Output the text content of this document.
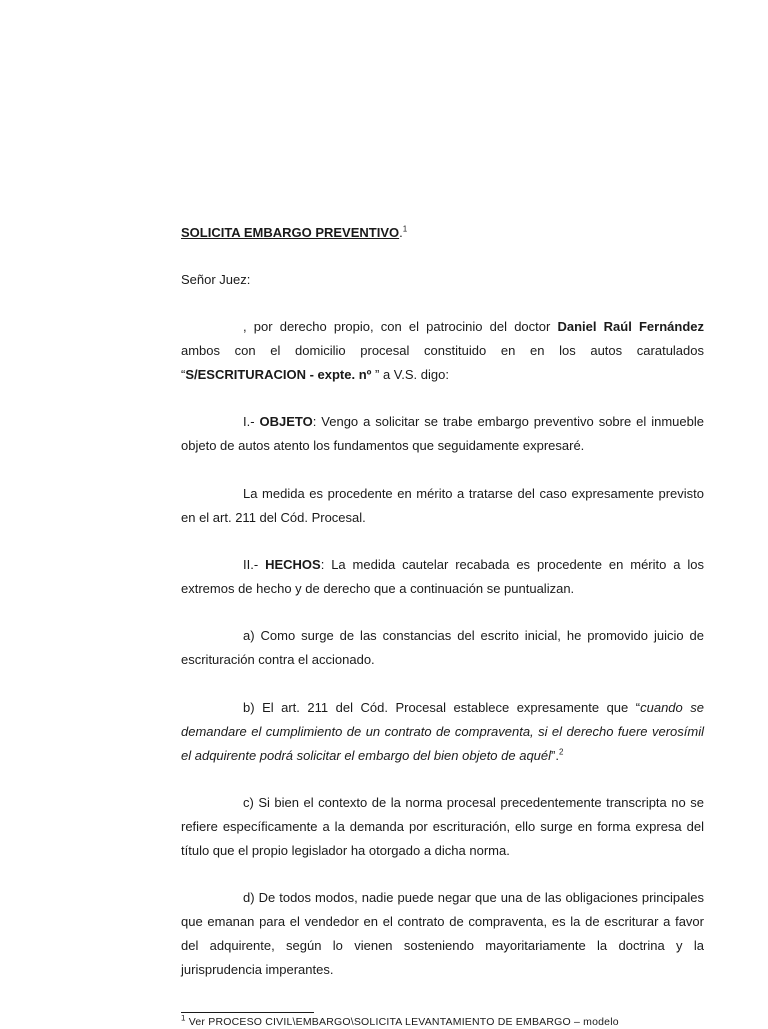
SOLICITA EMBARGO PREVENTIVO.$^1$

Señor Juez:

, por derecho propio, con el patrocinio del doctor Daniel Raúl Fernández ambos con el domicilio procesal constituido en en los autos caratulados “S/ESCRITURACION - expte. nº ” a V.S. digo:

I.- OBJETO: Vengo a solicitar se trabe embargo preventivo sobre el inmueble objeto de autos atento los fundamentos que seguidamente expresaré.

La medida es procedente en mérito a tratarse del caso expresamente previsto en el art. 211 del Cód. Procesal.

II.- HECHOS: La medida cautelar recabada es procedente en mérito a los extremos de hecho y de derecho que a continuación se puntualizan.

a) Como surge de las constancias del escrito inicial, he promovido juicio de escrituración contra el accionado.

b) El art. 211 del Cód. Procesal establece expresamente que “cuando se demandare el cumplimiento de un contrato de compraventa, si el derecho fuere verosímil el adquirente podrá solicitar el embargo del bien objeto de aquél”.$^2$

c) Si bien el contexto de la norma procesal precedentemente transcripta no se refiere específicamente a la demanda por escrituración, ello surge en forma expresa del título que el propio legislador ha otorgado a dicha norma.

d) De todos modos, nadie puede negar que una de las obligaciones principales que emanan para el vendedor en el contrato de compraventa, es la de escriturar a favor del adquirente, según lo vienen sosteniendo mayoritariamente la doctrina y la jurisprudencia imperantes.

$^1$ Ver PROCESO CIVIL\EMBARGO\SOLICITA LEVANTAMIENTO DE EMBARGO – modelo
